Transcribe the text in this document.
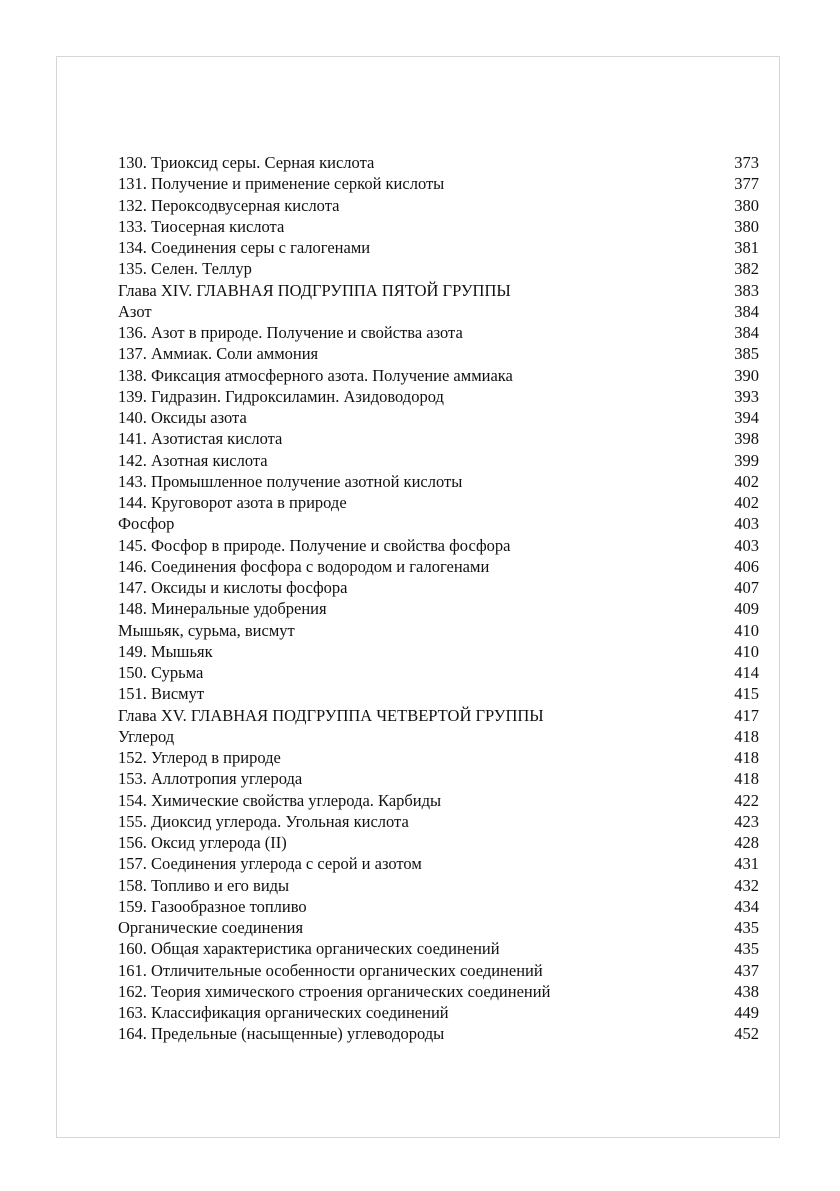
130. Триоксид серы. Серная кислота	373
131. Получение и применение серкой кислоты	377
132. Пероксодвусерная кислота	380
133. Тиосерная кислота	380
134. Соединения серы с галогенами	381
135. Селен. Теллур	382
Глава XIV. ГЛАВНАЯ ПОДГРУППА ПЯТОЙ ГРУППЫ	383
Азот	384
136. Азот в природе. Получение и свойства азота	384
137. Аммиак. Соли аммония	385
138. Фиксация атмосферного азота. Получение аммиака	390
139. Гидразин. Гидроксиламин. Азидоводород	393
140. Оксиды азота	394
141. Азотистая кислота	398
142. Азотная кислота	399
143. Промышленное получение азотной кислоты	402
144. Круговорот азота в природе	402
Фосфор	403
145. Фосфор в природе. Получение и свойства фосфора	403
146. Соединения фосфора с водородом и галогенами	406
147. Оксиды и кислоты фосфора	407
148. Минеральные удобрения	409
Мышьяк, сурьма, висмут	410
149. Мышьяк	410
150. Сурьма	414
151. Висмут	415
Глава XV. ГЛАВНАЯ ПОДГРУППА ЧЕТВЕРТОЙ ГРУППЫ	417
Углерод	418
152. Углерод в природе	418
153. Аллотропия углерода	418
154. Химические свойства углерода. Карбиды	422
155. Диоксид углерода. Угольная кислота	423
156. Оксид углерода (II)	428
157. Соединения углерода с серой и азотом	431
158. Топливо и его виды	432
159. Газообразное топливо	434
Органические соединения	435
160. Общая характеристика органических соединений	435
161. Отличительные особенности органических соединений	437
162. Теория химического строения органических соединений	438
163. Классификация органических соединений	449
164. Предельные (насыщенные) углеводороды	452
